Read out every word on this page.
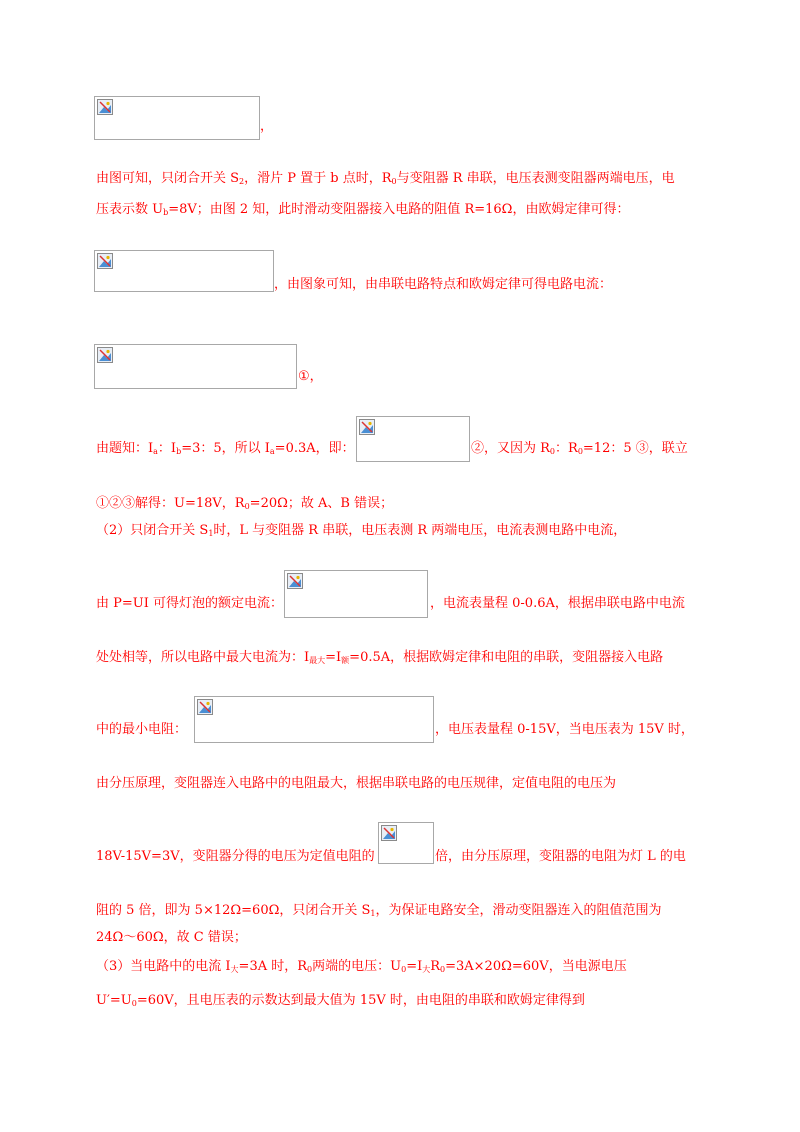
，
由图可知，只闭合开关 $S_2$，滑片 P 置于 b 点时，$R_0$与变阻器 R 串联，电压表测变阻器两端电压，电
压表示数 $U_b=8V$；由图 2 知，此时滑动变阻器接入电路的阻值 R=16Ω，由欧姆定律可得：
，由图象可知，由串联电路特点和欧姆定律可得电路电流：
①，
由题知：$I_a$：$I_b=3$：5，所以 $I_a=0.3A$，即：	②，又因为 $R_0$：$R_0=12$：5 ③，联立
①②③解得：U=18V，$R_0=20\Omega$；故 A、B 错误；
（2）只闭合开关 $S_1$时，L 与变阻器 R 串联，电压表测 R 两端电压，电流表测电路中电流，
由 P=UI 可得灯泡的额定电流：	，电流表量程 0-0.6A，根据串联电路中电流
处处相等，所以电路中最大电流为：$I_{最大}=I_额=0.5A$，根据欧姆定律和电阻的串联，变阻器接入电路
中的最小电阻：	，电压表量程 0-15V，当电压表为 15V 时，
由分压原理，变阻器连入电路中的电阻最大，根据串联电路的电压规律，定值电阻的电压为
18V-15V=3V，变阻器分得的电压为定值电阻的	倍，由分压原理，变阻器的电阻为灯 L 的电
阻的 5 倍，即为 5×12Ω=60Ω，只闭合开关 $S_1$，为保证电路安全，滑动变阻器连入的阻值范围为
24Ω～60Ω，故 C 错误；
（3）当电路中的电流 $I_大=3A$ 时，$R_0$两端的电压：$U_0=I_大R_0=3A\times 20\Omega=60V$，当电源电压
$U'=U_0=60V$，且电压表的示数达到最大值为 15V 时，由电阻的串联和欧姆定律得到
